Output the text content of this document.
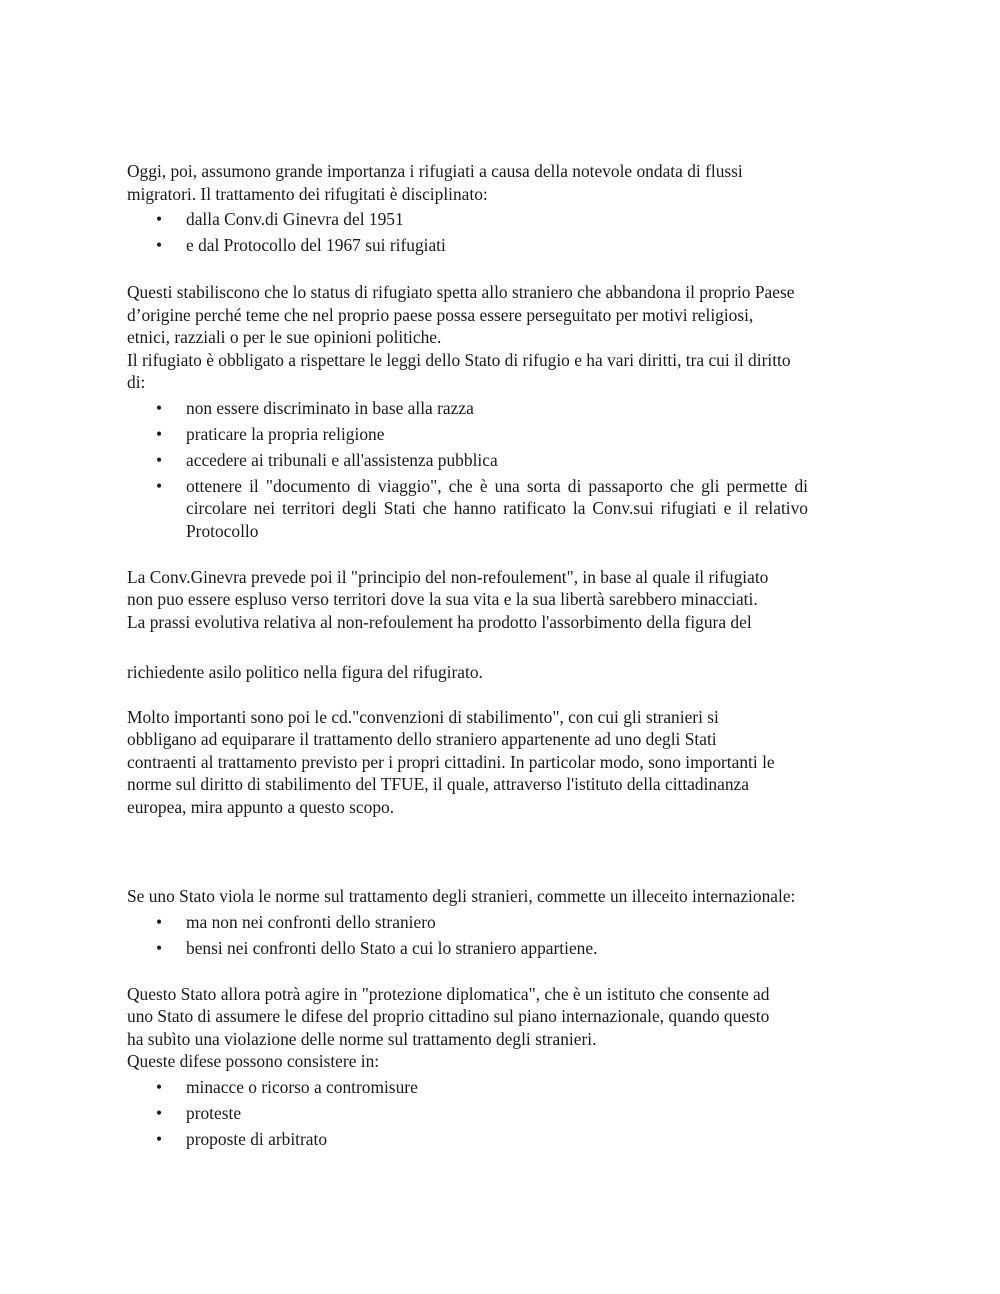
Oggi, poi, assumono grande importanza i rifugiati a causa della notevole ondata di flussi
migratori. Il trattamento dei rifugitati è disciplinato:

• dalla Conv.di Ginevra del 1951
• e dal Protocollo del 1967 sui rifugiati

Questi stabiliscono che lo status di rifugiato spetta allo straniero che abbandona il proprio Paese
d’origine perché teme che nel proprio paese possa essere perseguitato per motivi religiosi,
etnici, razziali o per le sue opinioni politiche.
Il rifugiato è obbligato a rispettare le leggi dello Stato di rifugio e ha vari diritti, tra cui il diritto
di:

• non essere discriminato in base alla razza
• praticare la propria religione
• accedere ai tribunali e all'assistenza pubblica
• ottenere il "documento di viaggio", che è una sorta di passaporto che gli permette di circolare nei territori degli Stati che hanno ratificato la Conv.sui rifugiati e il relativo Protocollo

La Conv.Ginevra prevede poi il "principio del non-refoulement", in base al quale il rifugiato
non puo essere espluso verso territori dove la sua vita e la sua libertà sarebbero minacciati.
La prassi evolutiva relativa al non-refoulement ha prodotto l'assorbimento della figura del

richiedente asilo politico nella figura del rifugirato.

Molto importanti sono poi le cd."convenzioni di stabilimento", con cui gli stranieri si
obbligano ad equiparare il trattamento dello straniero appartenente ad uno degli Stati
contraenti al trattamento previsto per i propri cittadini. In particolar modo, sono importanti le
norme sul diritto di stabilimento del TFUE, il quale, attraverso l'istituto della cittadinanza
europea, mira appunto a questo scopo.

Se uno Stato viola le norme sul trattamento degli stranieri, commette un illeceito internazionale:

• ma non nei confronti dello straniero
• bensi nei confronti dello Stato a cui lo straniero appartiene.

Questo Stato allora potrà agire in "protezione diplomatica", che è un istituto che consente ad
uno Stato di assumere le difese del proprio cittadino sul piano internazionale, quando questo
ha subìto una violazione delle norme sul trattamento degli stranieri.
Queste difese possono consistere in:

• minacce o ricorso a contromisure
• proteste
• proposte di arbitrato
